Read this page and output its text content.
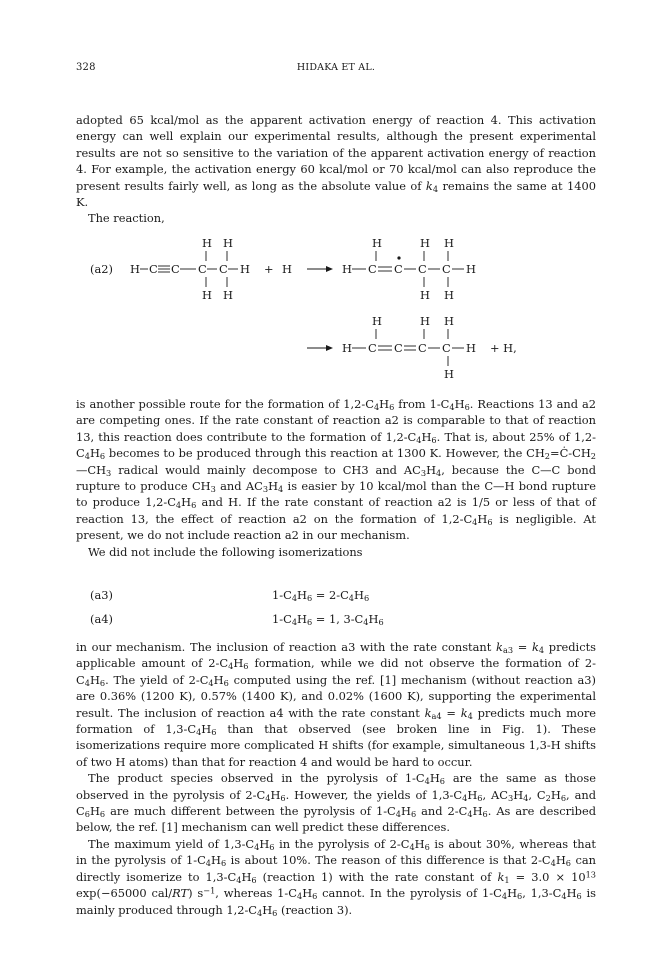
328	HIDAKA ET AL.

adopted 65 kcal/mol as the apparent activation energy of reaction 4. This activation energy can well explain our experimental results, although the present experimental results are not so sensitive to the variation of the apparent activation energy of reaction 4. For example, the activation energy 60 kcal/mol or 70 kcal/mol can also reproduce the present results fairly well, as long as the absolute value of $k_4$ remains the same at 1400 K.

The reaction,

(a2)
H H
H C C C C H + H
H H
H	H H
H C C C C H
H H
H	H H
H C C C C H + H,
H

is another possible route for the formation of $1,2-C_4H_6$ from $1-C_4H_6$. Reactions 13 and a2 are competing ones. If the rate constant of reaction a2 is comparable to that of reaction 13, this reaction does contribute to the formation of $1,2-C_4H_6$. That is, about 25% of $1,2-C_4H_6$ becomes to be produced through this reaction at 1300 K. However, the $CH_2=Ċ-CH_2—CH_3$ radical would mainly decompose to CH3 and $AC_3H_4$, because the C—C bond rupture to produce $CH_3$ and $AC_3H_4$ is easier by 10 kcal/mol than the C—H bond rupture to produce $1,2-C_4H_6$ and H. If the rate constant of reaction a2 is 1/5 or less of that of reaction 13, the effect of reaction a2 on the formation of $1,2-C_4H_6$ is negligible. At present, we do not include reaction a2 in our mechanism.

We did not include the following isomerizations

(a3)	$1-C_4H_6 = 2-C_4H_6$
(a4)	$1-C_4H_6 = 1$, $3-C_4H_6$

in our mechanism. The inclusion of reaction a3 with the rate constant $k_{a3} = k_4$ predicts applicable amount of $2-C_4H_6$ formation, while we did not observe the formation of $2-C_4H_6$. The yield of $2-C_4H_6$ computed using the ref. [1] mechanism (without reaction a3) are 0.36% (1200 K), 0.57% (1400 K), and 0.02% (1600 K), supporting the experimental result. The inclusion of reaction a4 with the rate constant $k_{a4} = k_4$ predicts much more formation of $1,3-C_4H_6$ than that observed (see broken line in Fig. 1). These isomerizations require more complicated H shifts (for example, simultaneous 1,3-H shifts of two H atoms) than that for reaction 4 and would be hard to occur.

The product species observed in the pyrolysis of $1-C_4H_6$ are the same as those observed in the pyrolysis of $2-C_4H_6$. However, the yields of $1,3-C_4H_6$, $AC_3H_4$, $C_2H_6$, and $C_6H_6$ are much different between the pyrolysis of $1-C_4H_6$ and $2-C_4H_6$. As are described below, the ref. [1] mechanism can well predict these differences.

The maximum yield of $1,3-C_4H_6$ in the pyrolysis of $2-C_4H_6$ is about 30%, whereas that in the pyrolysis of $1-C_4H_6$ is about 10%. The reason of this difference is that $2-C_4H_6$ can directly isomerize to $1,3-C_4H_6$ (reaction 1) with the rate constant of $k_1 = 3.0 \times 10^{13}$ exp(−65000 cal/RT) $s^{-1}$, whereas $1-C_4H_6$ cannot. In the pyrolysis of $1-C_4H_6$, $1,3-C_4H_6$ is mainly produced through $1,2-C_4H_6$ (reaction 3).
